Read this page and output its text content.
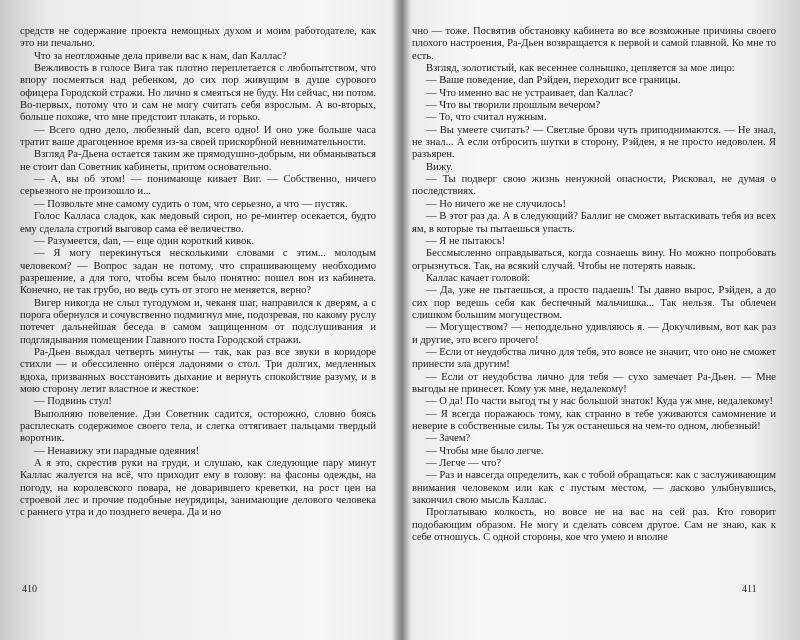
средств не содержание проекта немощных духом и моим работодателе, как это ни печально.

Что за неотложные дела привели вас к нам, dan Каллас?

Вежливость в голосе Вига так плотно переплетается с любопытством, что впору посмеяться над ребенком, до сих пор живущим в душе сурового офицера Городской стражи. Но лично я смеяться не буду. Ни сейчас, ни потом. Во-первых, потому что и сам не могу считать себя взрослым. А во-вторых, больше похоже, что мне предстоит плакать, и горько.

— Всего одно дело, любезный dan, всего одно! И оно уже больше часа тратит ваше драгоценное время из-за своей прискорбной невнимательности.

Взгляд Ра-Дьена остается таким же прямодушно-добрым, ни обманываться не стоит dan Советник кабинеты, притом основательно.

— А, вы об этом! — понимающе кивает Виг. — Собственно, ничего серьезного не произошло и...

— Позвольте мне самому судить о том, что серьезно, а что — пустяк.

Голос Калласа сладок, как медовый сироп, но ре-минтер осекается, будто ему сделала строгий выговор сама её величество.

— Разумеется, dan, — еще один короткий кивок.

— Я могу перекинуться несколькими словами с этим... молодым человеком? — Вопрос задан не потому, что спрашивающему необходимо разрешение, а для того, чтобы всем было понятно: пошел вон из кабинета. Конечно, не так грубо, но ведь суть от этого не меняется, верно?

Вигер никогда не слыл тугодумом и, чеканя шаг, направился к дверям, а с порога обернулся и сочувственно подмигнул мне, подозревая, по какому руслу потечет дальнейшая беседа в самом защищенном от подслушивания и подглядывания помещении Главного поста Городской стражи.

Ра-Дьен выждал четверть минуты — так, как раз все звуки в коридоре стихли — и обессиленно опёрся ладонями о стол. Три долгих, медленных вдоха, призванных восстановить дыхание и вернуть спокойствие разуму, и в мою сторону летит властное и жесткое:

— Подвинь стул!

Выполняю повеление. Дэн Советник садится, осторожно, словно боясь расплескать содержимое своего тела, и слегка оттягивает пальцами твердый воротник.

— Ненавижу эти парадные одеяния!

А я это, скрестив руки на груди, и слушаю, как следующие пару минут Каллас жалуется на всё, что приходит ему в голову: на фасоны одежды, на погоду, на королевского повара, не доварившего креветки, на рост цен на строевой лес и прочие подобные неурядицы, занимающие делового человека с раннего утра и до позднего вечера. Да и но

чно — тоже. Посвятив обстановку кабинета во все возможные причины своего плохого настроения, Ра-Дьен возвращается к первой и самой главной. Ко мне то есть.

Взгляд, золотистый, как весеннее солнышко, цепляется за мое лицо:

— Ваше поведение, dan Рэйден, переходит все границы.

— Что именно вас не устраивает, dan Каллас?

— Что вы творили прошлым вечером?

— То, что считал нужным.

— Вы умеете считать? — Светлые брови чуть приподнимаются. — Не знал, не знал... А если отбросить шутки в сторону, Рэйден, я не просто недоволен. Я разъярен.

Вижу.

— Ты подверг свою жизнь ненужной опасности, Рисковал, не думая о последствиях.

— Но ничего же не случилось!

— В этот раз да. А в следующий? Баллиг не сможет вытаскивать тебя из всех ям, в которые ты пытаешься упасть.

— Я не пытаюсь!

Бессмысленно оправдываться, когда сознаешь вину. Но можно попробовать огрызнуться. Так, на всякий случай. Чтобы не потерять навык.

Каллас качает головой:

— Да, уже не пытаешься, а просто падаешь! Ты давно вырос, Рэйден, а до сих пор ведешь себя как беспечный мальчишка... Так нельзя. Ты облечен слишком большим могуществом.

— Могуществом? — неподдельно удивляюсь я. — Докучливым, вот как раз и другие, это всего прочего!

— Если от неудобства лично для тебя, это вовсе не значит, что оно не сможет принести зла другим!

— Если от неудобства лично для тебя — сухо замечает Ра-Дьен. — Мне выгоды не принесет. Кому уж мне, недалекому!

— О да! По части выгод ты у нас большой знаток! Куда уж мне, недалекому!

— Я всегда поражаюсь тому, как странно в тебе уживаются самомнение и неверие в собственные силы. Ты уж останешься на чем-то одном, любезный!

— Зачем?

— Чтобы мне было легче.

— Легче — что?

— Раз и навсегда определить, как с тобой обращаться: как с заслуживающим внимания человеком или как с пустым местом, — ласково улыбнувшись, закончил свою мысль Каллас.

Проглатываю колкость, но вовсе не на вас на сей раз. Кто говорит подобающим образом. Не могу и сделать совсем другое. Сам не знаю, как к себе отношусь. С одной стороны, кое что умею и вполне

410	411
